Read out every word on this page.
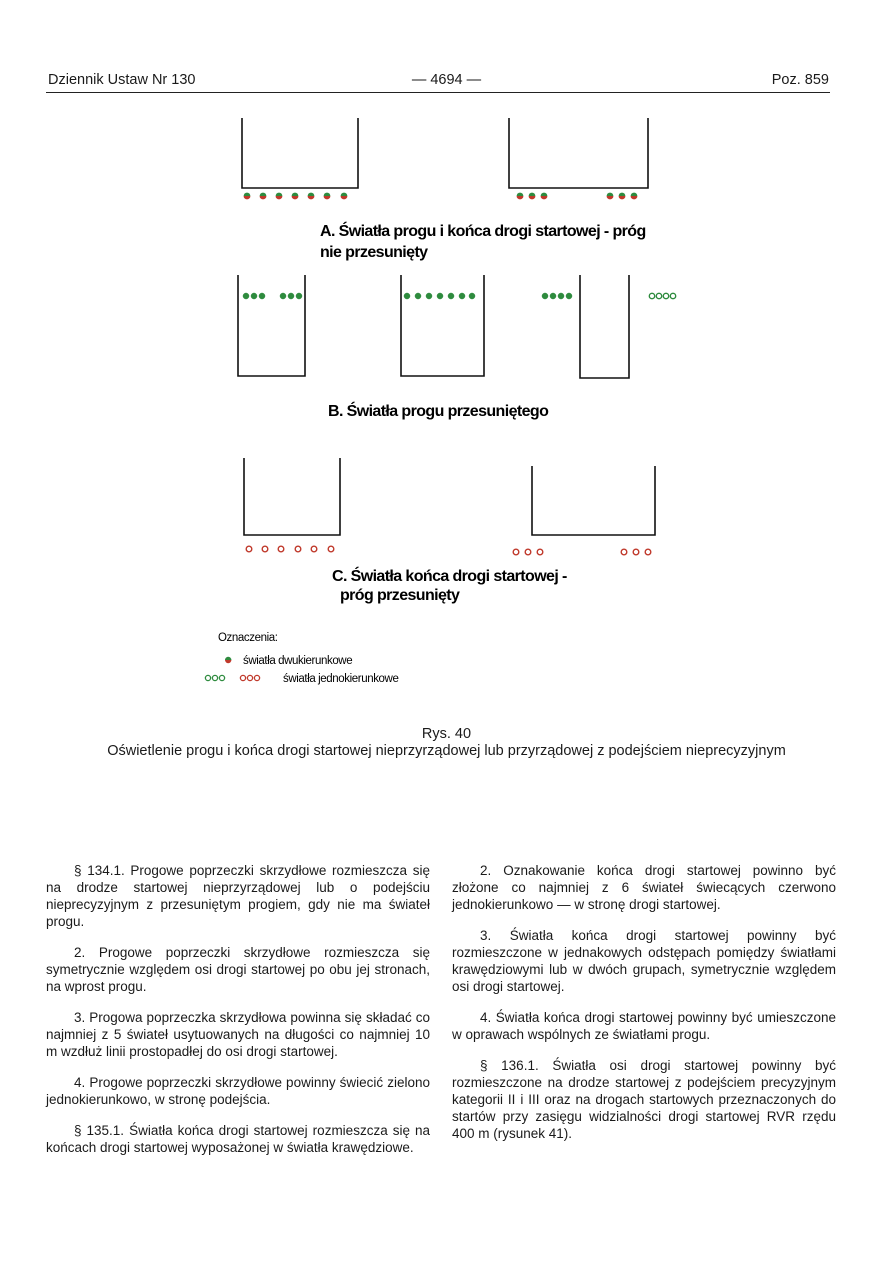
Dziennik Ustaw Nr 130	— 4694 —	Poz. 859
A. Światła progu i końca drogi startowej - próg
nie przesunięty
B. Światła progu przesuniętego
C. Światła końca drogi startowej -
próg przesunięty
Oznaczenia:
światła dwukierunkowe
światła jednokierunkowe
Rys. 40
Oświetlenie progu i końca drogi startowej nieprzyrządowej lub przyrządowej z podejściem nieprecyzyjnym

§ 134.1. Progowe poprzeczki skrzydłowe rozmieszcza się na drodze startowej nieprzyrządowej lub o podejściu nieprecyzyjnym z przesuniętym progiem, gdy nie ma świateł progu.

2. Progowe poprzeczki skrzydłowe rozmieszcza się symetrycznie względem osi drogi startowej po obu jej stronach, na wprost progu.

3. Progowa poprzeczka skrzydłowa powinna się składać co najmniej z 5 świateł usytuowanych na długości co najmniej 10 m wzdłuż linii prostopadłej do osi drogi startowej.

4. Progowe poprzeczki skrzydłowe powinny świecić zielono jednokierunkowo, w stronę podejścia.

§ 135.1. Światła końca drogi startowej rozmieszcza się na końcach drogi startowej wyposażonej w światła krawędziowe.

2. Oznakowanie końca drogi startowej powinno być złożone co najmniej z 6 świateł świecących czerwono jednokierunkowo — w stronę drogi startowej.

3. Światła końca drogi startowej powinny być rozmieszczone w jednakowych odstępach pomiędzy światłami krawędziowymi lub w dwóch grupach, symetrycznie względem osi drogi startowej.

4. Światła końca drogi startowej powinny być umieszczone w oprawach wspólnych ze światłami progu.

§ 136.1. Światła osi drogi startowej powinny być rozmieszczone na drodze startowej z podejściem precyzyjnym kategorii II i III oraz na drogach startowych przeznaczonych do startów przy zasięgu widzialności drogi startowej RVR rzędu 400 m (rysunek 41).
